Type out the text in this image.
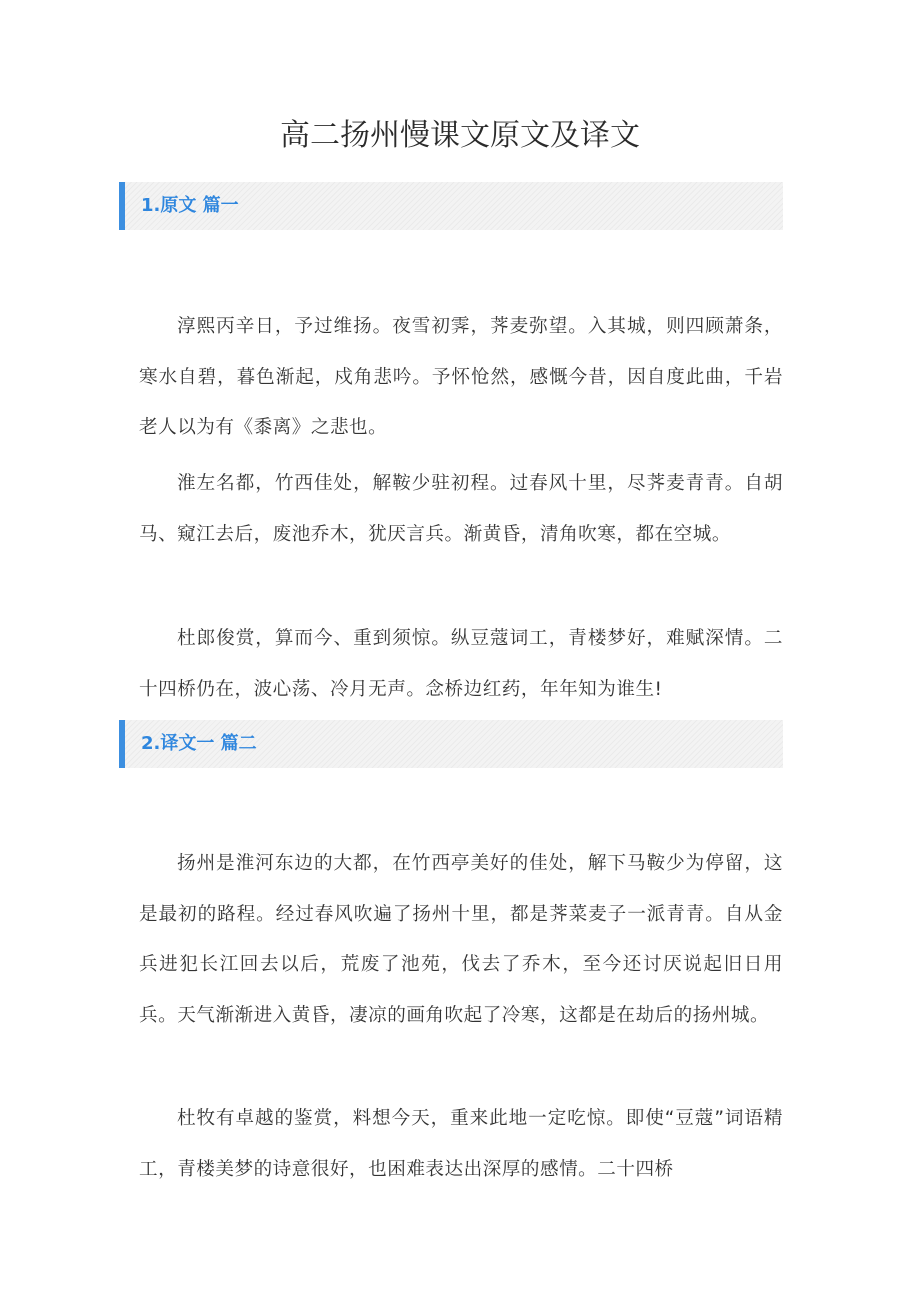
高二扬州慢课文原文及译文
1.原文 篇一

淳熙丙辛日，予过维扬。夜雪初霁，荠麦弥望。入其城，则四顾萧条，寒水自碧，暮色渐起，戍角悲吟。予怀怆然，感慨今昔，因自度此曲，千岩老人以为有《黍离》之悲也。

淮左名都，竹西佳处，解鞍少驻初程。过春风十里，尽荠麦青青。自胡马、窥江去后，废池乔木，犹厌言兵。渐黄昏，清角吹寒，都在空城。

杜郎俊赏，算而今、重到须惊。纵豆蔻词工，青楼梦好，难赋深情。二十四桥仍在，波心荡、冷月无声。念桥边红药，年年知为谁生!

2.译文一 篇二

扬州是淮河东边的大都，在竹西亭美好的佳处，解下马鞍少为停留，这是最初的路程。经过春风吹遍了扬州十里，都是荠菜麦子一派青青。自从金兵进犯长江回去以后，荒废了池苑，伐去了乔木，至今还讨厌说起旧日用兵。天气渐渐进入黄昏，凄凉的画角吹起了冷寒，这都是在劫后的扬州城。

杜牧有卓越的鉴赏，料想今天，重来此地一定吃惊。即使“豆蔻”词语精工，青楼美梦的诗意很好，也困难表达出深厚的感情。二十四桥
